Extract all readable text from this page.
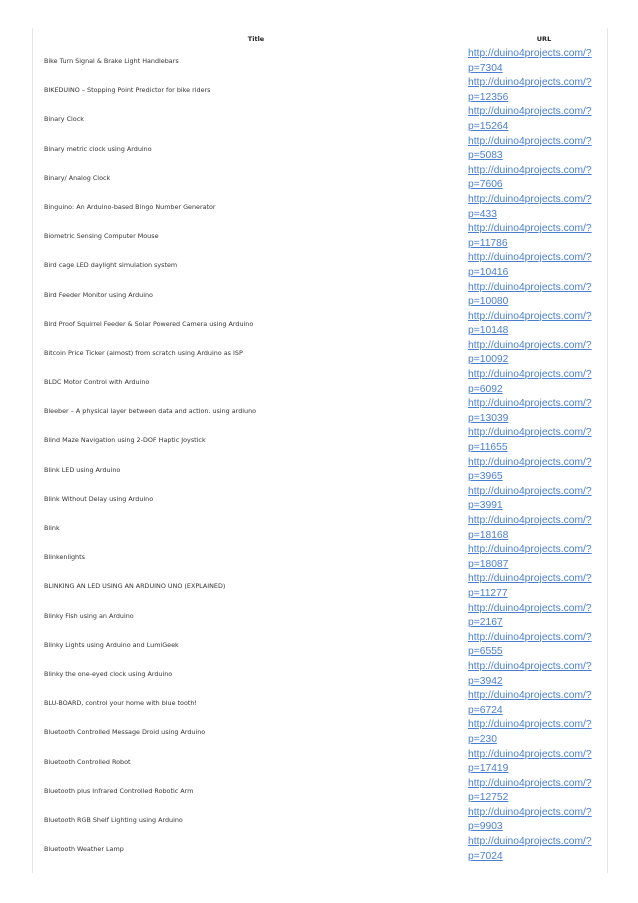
Title	URL
Bike Turn Signal & Brake Light Handlebars
http://duino4projects.com/?
p=7304
BIKEDUINO – Stopping Point Predictor for bike riders
http://duino4projects.com/?
p=12356
Binary Clock
http://duino4projects.com/?
p=15264
Binary metric clock using Arduino
http://duino4projects.com/?
p=5083
Binary/ Analog Clock
http://duino4projects.com/?
p=7606
Binguino: An Arduino-based Bingo Number Generator
http://duino4projects.com/?
p=433
Biometric Sensing Computer Mouse
http://duino4projects.com/?
p=11786
Bird cage LED daylight simulation system
http://duino4projects.com/?
p=10416
Bird Feeder Monitor using Arduino
http://duino4projects.com/?
p=10080
Bird Proof Squirrel Feeder & Solar Powered Camera using Arduino
http://duino4projects.com/?
p=10148
Bitcoin Price Ticker (almost) from scratch using Arduino as ISP
http://duino4projects.com/?
p=10092
BLDC Motor Control with Arduino
http://duino4projects.com/?
p=6092
Bleeber – A physical layer between data and action. using ardiuno
http://duino4projects.com/?
p=13039
Blind Maze Navigation using 2-DOF Haptic Joystick
http://duino4projects.com/?
p=11655
Blink LED using Arduino
http://duino4projects.com/?
p=3965
Blink Without Delay using Arduino
http://duino4projects.com/?
p=3991
Blink
http://duino4projects.com/?
p=18168
Blinkenlights
http://duino4projects.com/?
p=18087
BLINKING AN LED USING AN ARDUINO UNO (EXPLAINED)
http://duino4projects.com/?
p=11277
Blinky Fish using an Arduino
http://duino4projects.com/?
p=2167
Blinky Lights using Arduino and LumiGeek
http://duino4projects.com/?
p=6555
Blinky the one-eyed clock using Arduino
http://duino4projects.com/?
p=3942
BLU-BOARD, control your home with blue tooth!
http://duino4projects.com/?
p=6724
Bluetooth Controlled Message Droid using Arduino
http://duino4projects.com/?
p=230
Bluetooth Controlled Robot
http://duino4projects.com/?
p=17419
Bluetooth plus Infrared Controlled Robotic Arm
http://duino4projects.com/?
p=12752
Bluetooth RGB Shelf Lighting using Arduino
http://duino4projects.com/?
p=9903
Bluetooth Weather Lamp
http://duino4projects.com/?
p=7024
